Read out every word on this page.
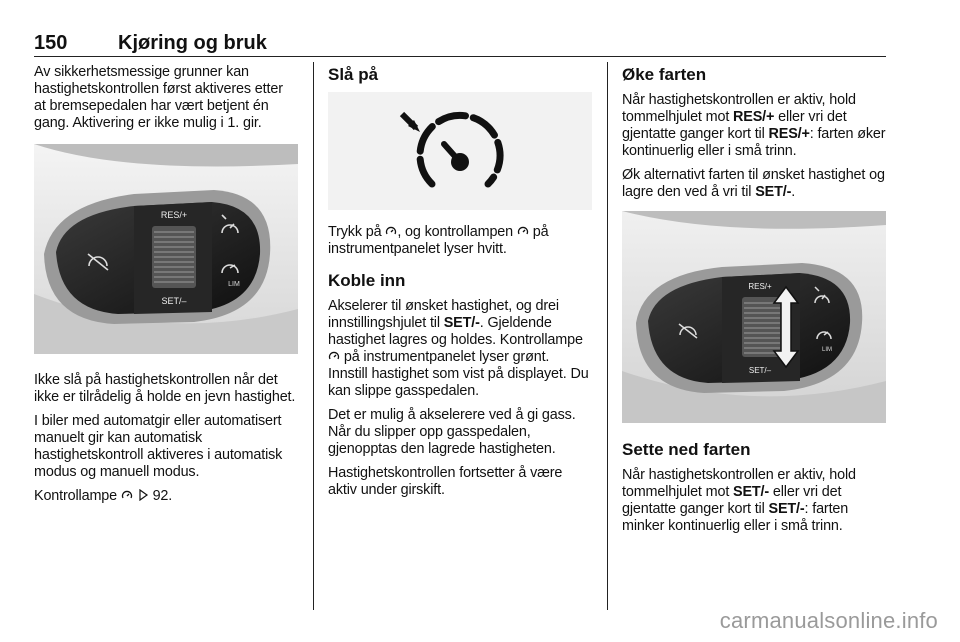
150	Kjøring og bruk

Av sikkerhetsmessige grunner kan hastighetskontrollen først aktiveres etter at bremsepedalen har vært betjent én gang. Aktivering er ikke mulig i 1. gir.

RES/+
SET/–
LIM

Ikke slå på hastighetskontrollen når det ikke er tilrådelig å holde en jevn hastighet.

I biler med automatgir eller automatisert manuelt gir kan automatisk hastighetskontroll aktiveres i automatisk modus og manuell modus.

Kontrollampe 92.

Slå på

Trykk på , og kontrollampen  på instrumentpanelet lyser hvitt.

Koble inn

Akselerer til ønsket hastighet, og drei innstillingshjulet til SET/-. Gjeldende hastighet lagres og holdes. Kontrollampe  på instrumentpanelet lyser grønt. Innstill hastighet som vist på displayet. Du kan slippe gasspedalen.

Det er mulig å akselerere ved å gi gass. Når du slipper opp gasspedalen, gjenopptas den lagrede hastigheten.

Hastighetskontrollen fortsetter å være aktiv under girskift.

Øke farten

Når hastighetskontrollen er aktiv, hold tommelhjulet mot RES/+ eller vri det gjentatte ganger kort til RES/+: farten øker kontinuerlig eller i små trinn.

Øk alternativt farten til ønsket hastighet og lagre den ved å vri til SET/-.

RES/+
SET/–
LIM
Sette ned farten

Når hastighetskontrollen er aktiv, hold tommelhjulet mot SET/- eller vri det gjentatte ganger kort til SET/-: farten minker kontinuerlig eller i små trinn.

carmanualsonline.info
